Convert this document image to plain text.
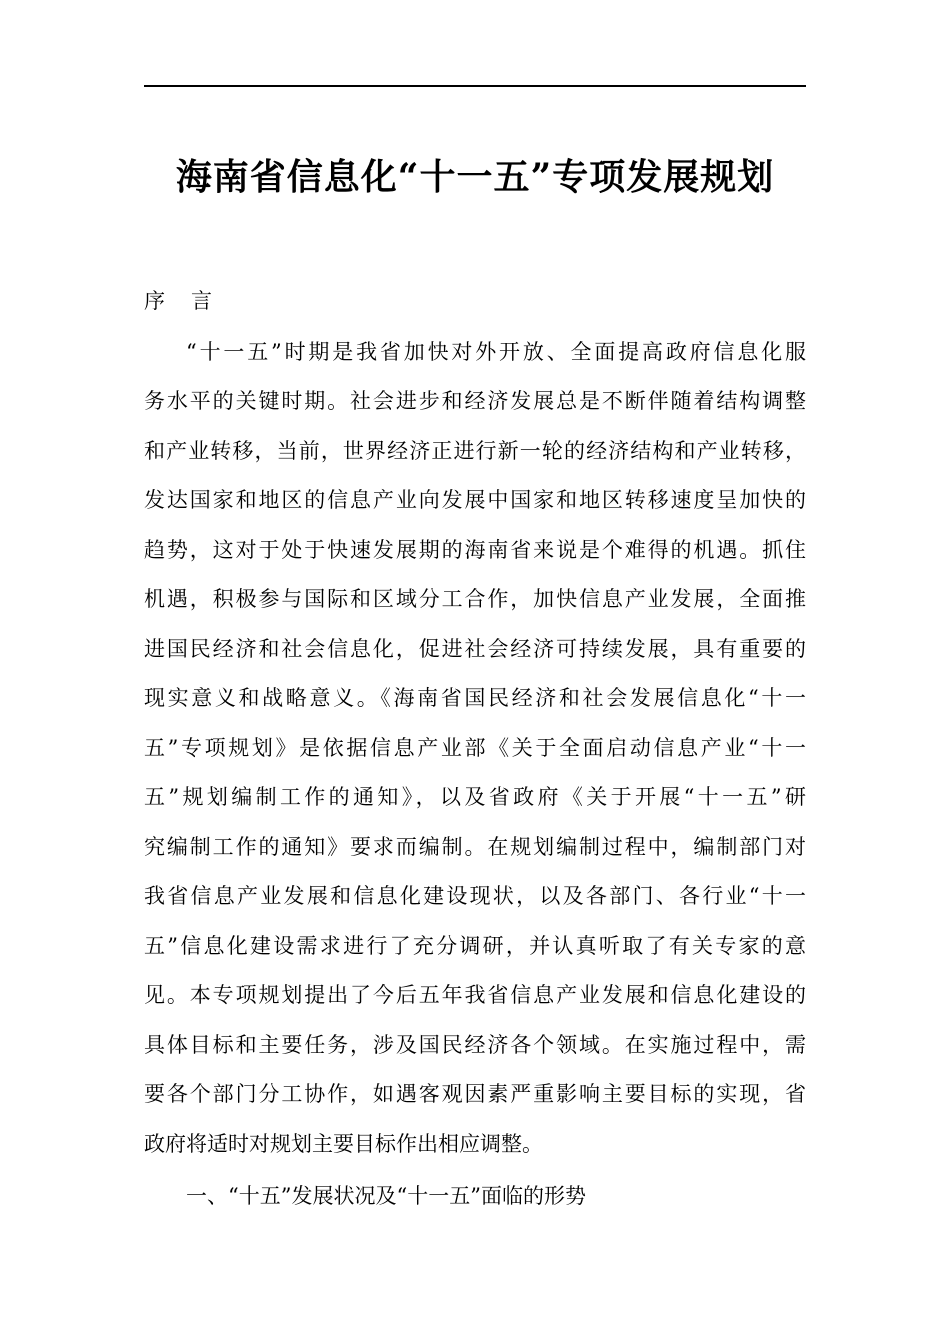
海南省信息化“十一五”专项发展规划
序 言
“十一五”时期是我省加快对外开放、全面提高政府信息化服
务水平的关键时期。社会进步和经济发展总是不断伴随着结构调整
和产业转移，当前，世界经济正进行新一轮的经济结构和产业转移，
发达国家和地区的信息产业向发展中国家和地区转移速度呈加快的
趋势，这对于处于快速发展期的海南省来说是个难得的机遇。抓住
机遇，积极参与国际和区域分工合作，加快信息产业发展，全面推
进国民经济和社会信息化，促进社会经济可持续发展，具有重要的
现实意义和战略意义。《海南省国民经济和社会发展信息化“十一
五”专项规划》是依据信息产业部《关于全面启动信息产业“十一
五”规划编制工作的通知》，以及省政府《关于开展“十一五”研
究编制工作的通知》要求而编制。在规划编制过程中，编制部门对
我省信息产业发展和信息化建设现状，以及各部门、各行业“十一
五”信息化建设需求进行了充分调研，并认真听取了有关专家的意
见。本专项规划提出了今后五年我省信息产业发展和信息化建设的
具体目标和主要任务，涉及国民经济各个领域。在实施过程中，需
要各个部门分工协作，如遇客观因素严重影响主要目标的实现，省
政府将适时对规划主要目标作出相应调整。
一、“十五”发展状况及“十一五”面临的形势
